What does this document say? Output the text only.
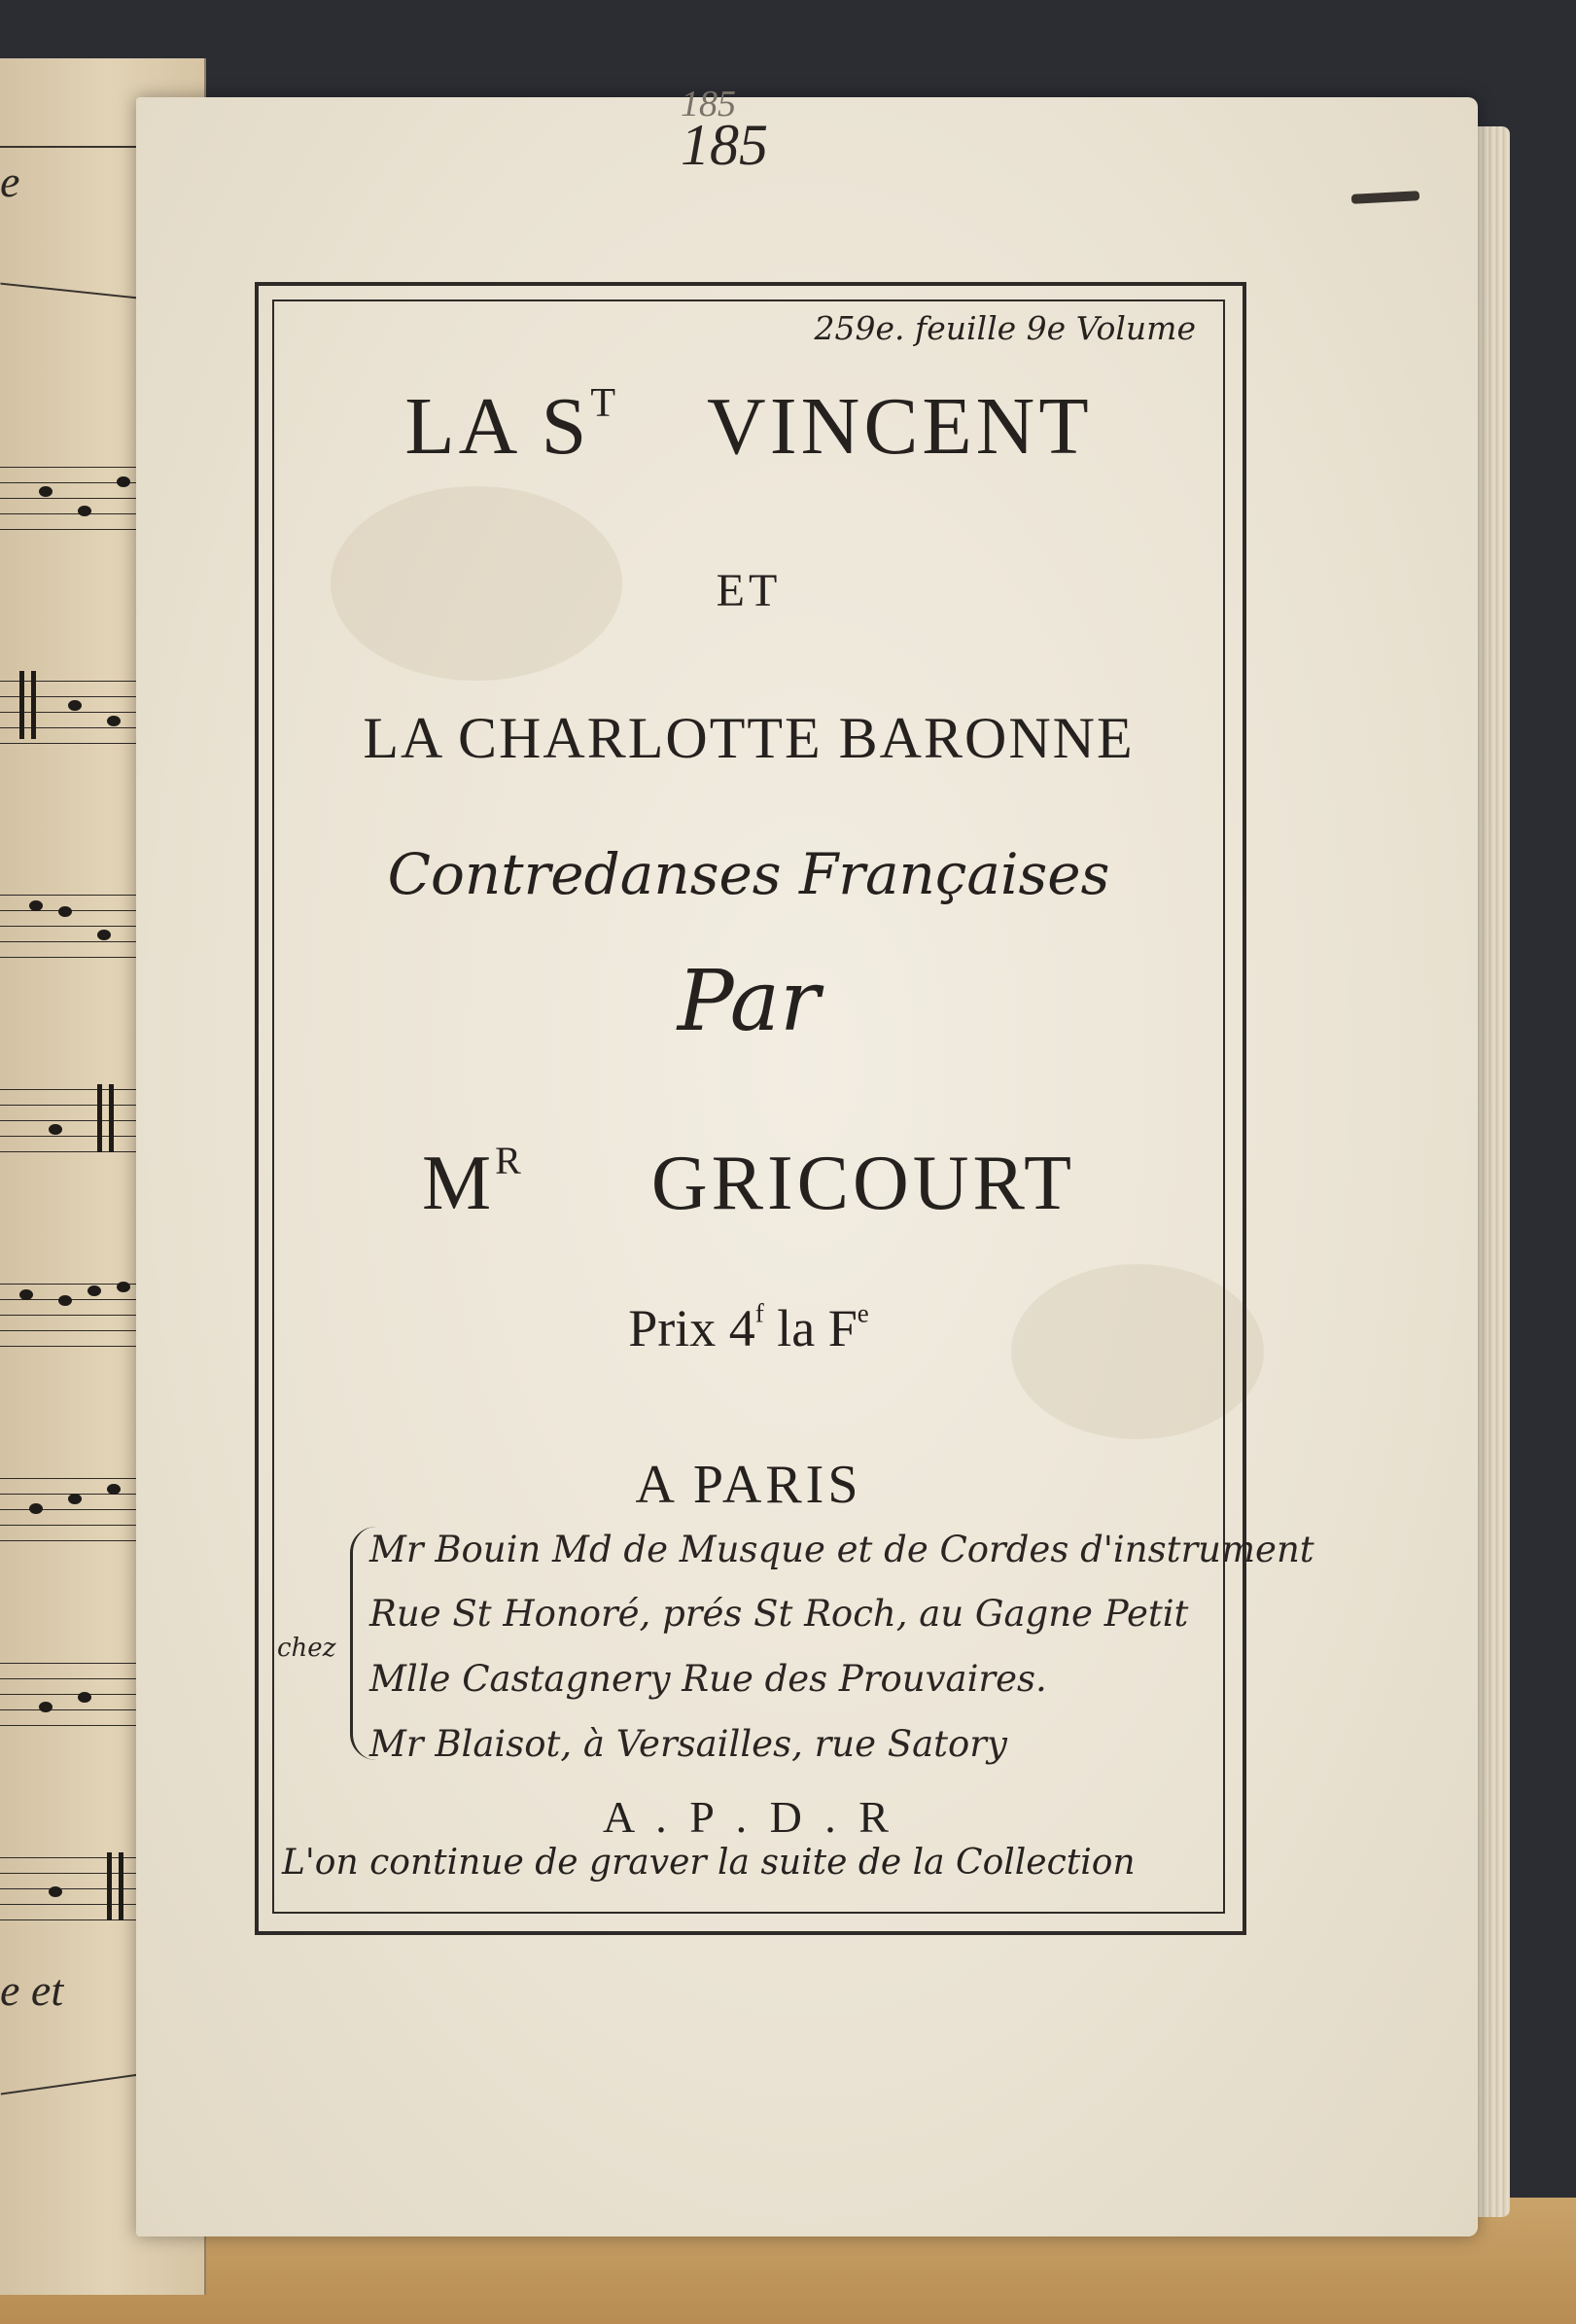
e
e et
185
185
259e. feuille 9e Volume
LA $S^T$ VINCENT
ET
LA CHARLOTTE BARONNE
Contredanses Françaises
Par
$M^R$ GRICOURT
Prix 4$^f$ la $F^e$
A PARIS
chez
Mr Bouin Md de Musque et de Cordes d'instrument
Rue St Honoré, prés St Roch, au Gagne Petit
Mlle Castagnery Rue des Prouvaires.
Mr Blaisot, à Versailles, rue Satory
A . P . D . R
L'on continue de graver la suite de la Collection
